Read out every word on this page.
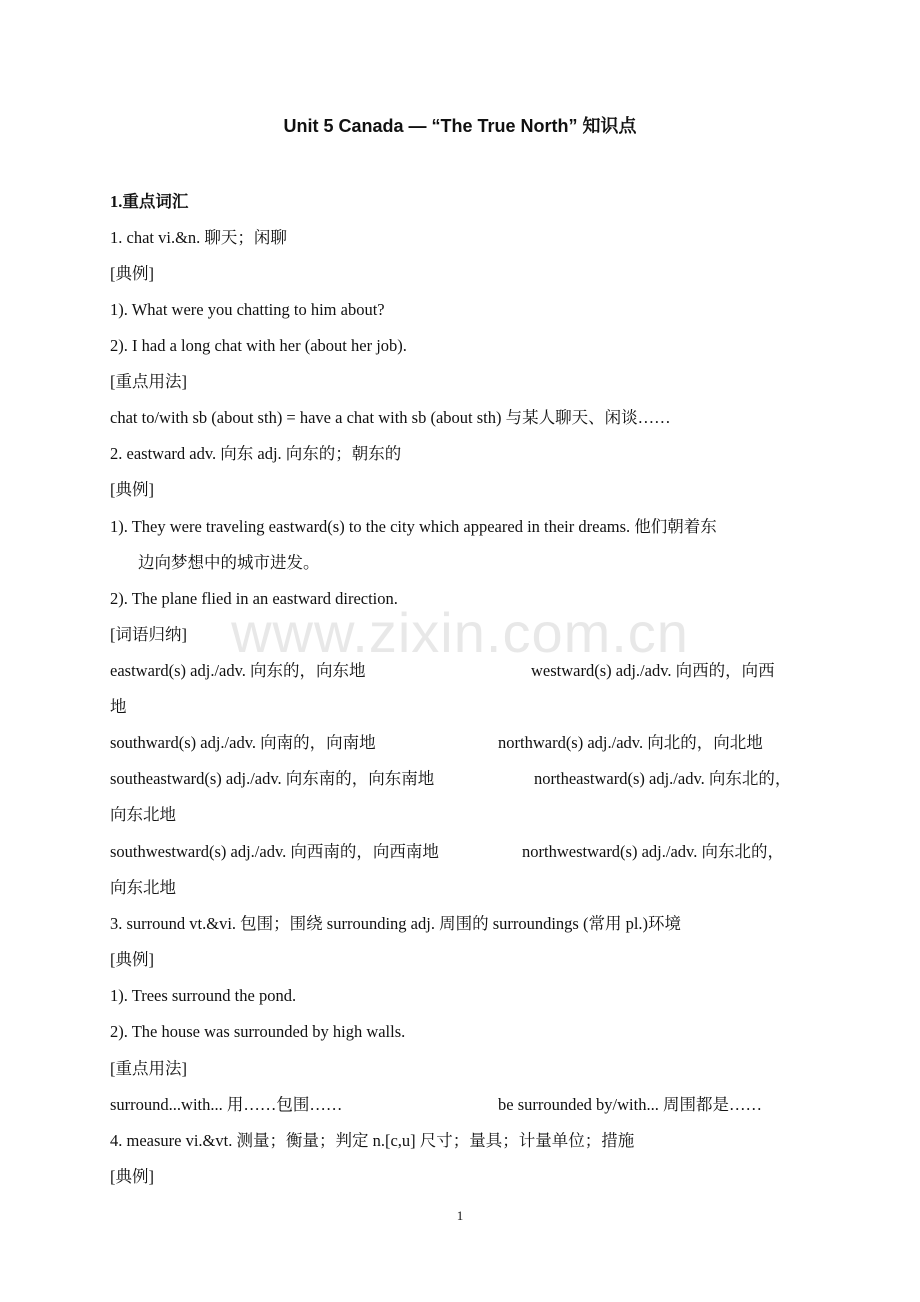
Unit 5 Canada — “The True North” 知识点
1.重点词汇
1. chat vi.&n. 聊天；闲聊
[典例]
1). What were you chatting to him about?
2). I had a long chat with her (about her job).
[重点用法]
chat to/with sb (about sth) = have a chat with sb (about sth) 与某人聊天、闲谈……
2. eastward adv. 向东 adj. 向东的；朝东的
[典例]
1). They were traveling eastward(s) to the city which appeared in their dreams. 他们朝着东
边向梦想中的城市进发。
2). The plane flied in an eastward direction.
[词语归纳]
eastward(s) adj./adv. 向东的，向东地	westward(s) adj./adv. 向西的，向西
地
southward(s) adj./adv. 向南的，向南地	northward(s) adj./adv. 向北的，向北地
southeastward(s) adj./adv. 向东南的，向东南地	northeastward(s) adj./adv. 向东北的，
向东北地
southwestward(s) adj./adv. 向西南的，向西南地	northwestward(s) adj./adv. 向东北的，
向东北地
3. surround vt.&vi. 包围；围绕 surrounding adj. 周围的 surroundings (常用 pl.)环境
[典例]
1). Trees surround the pond.
2). The house was surrounded by high walls.
[重点用法]
surround...with... 用……包围……	be surrounded by/with... 周围都是……
4. measure vi.&vt. 测量；衡量；判定 n.[c,u] 尺寸；量具；计量单位；措施
[典例]
www.zixin.com.cn
1
